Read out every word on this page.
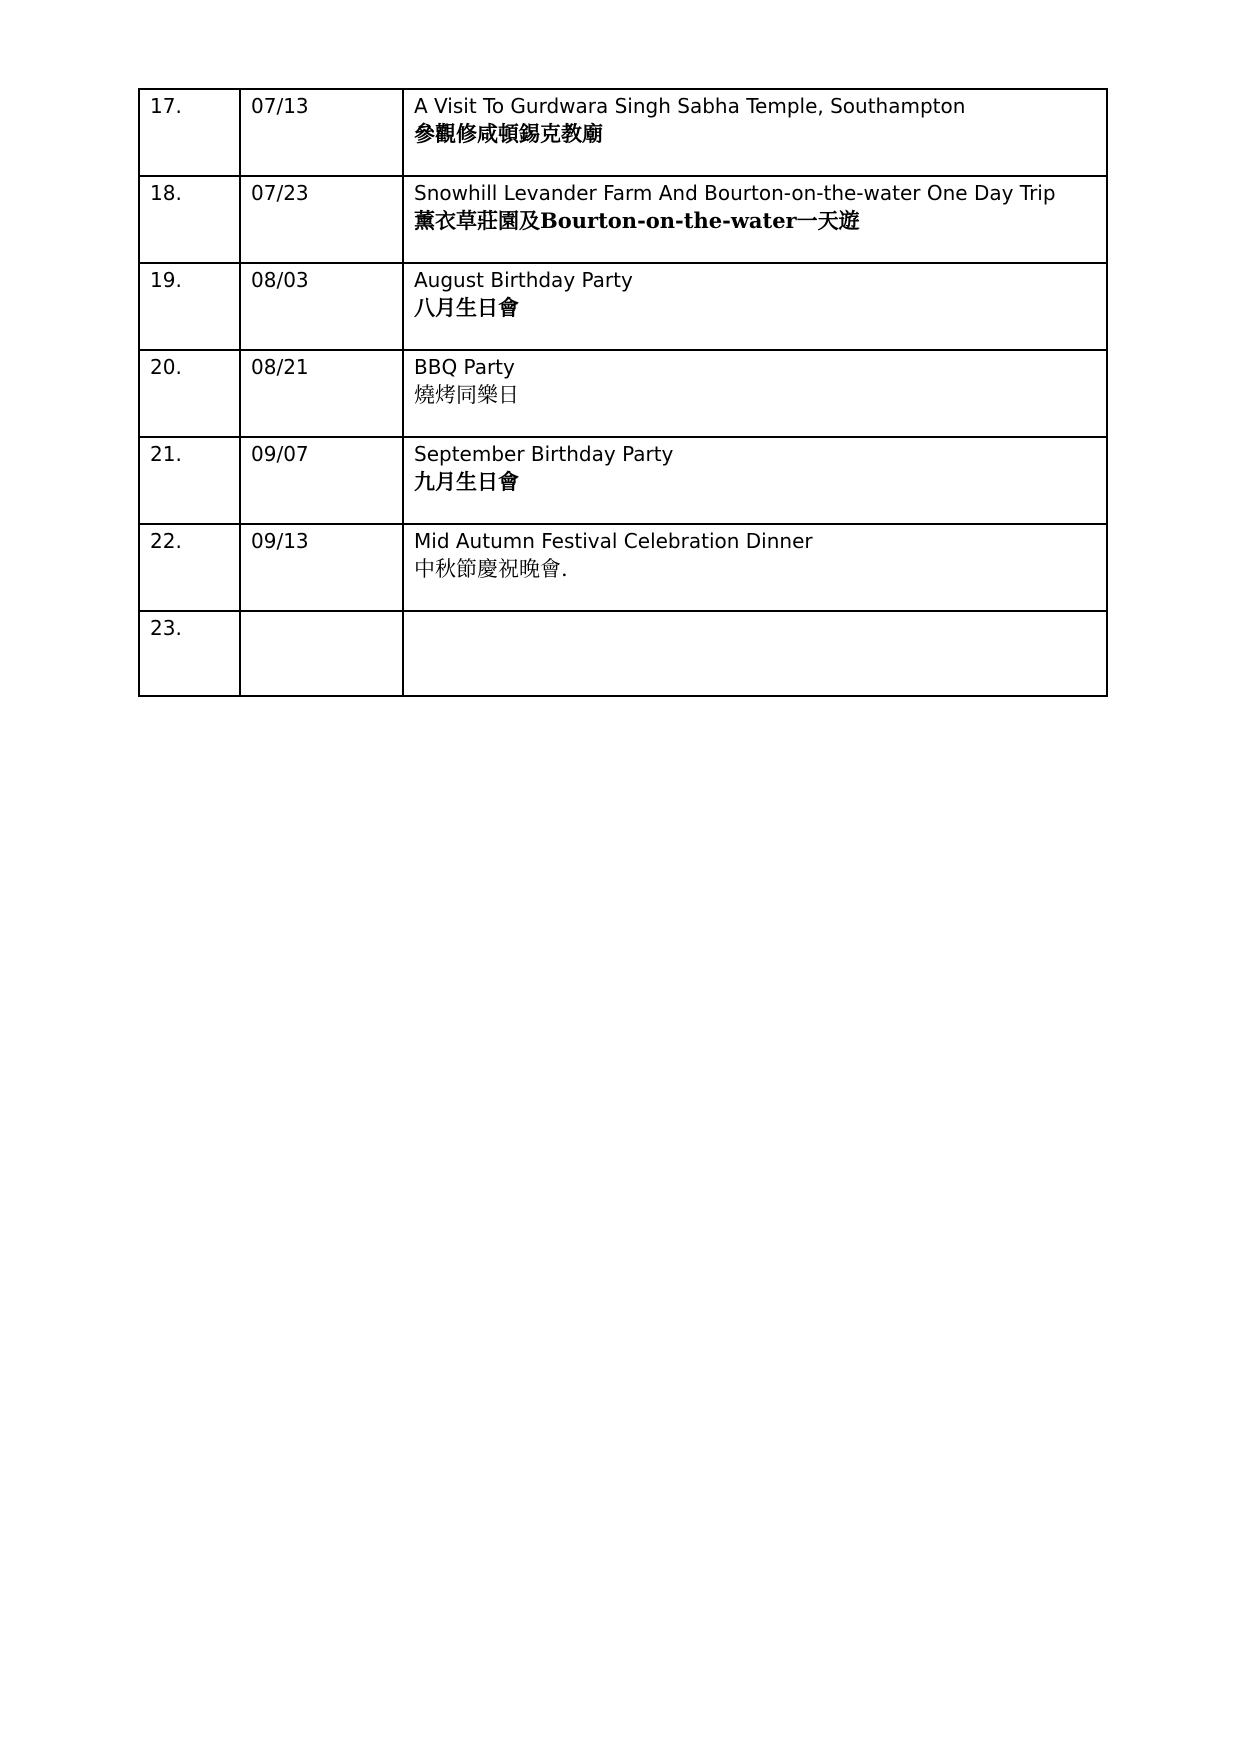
17.	07/13	A Visit To Gurdwara Singh Sabha Temple, Southampton
參觀修咸頓錫克教廟

18.	07/23	Snowhill Levander Farm And Bourton-on-the-water One Day Trip
薰衣草莊園及Bourton-on-the-water一天遊

19.	08/03	August Birthday Party
八月生日會

20.	08/21	BBQ Party
燒烤同樂日

21.	09/07	September Birthday Party
九月生日會

22.	09/13	Mid Autumn Festival Celebration Dinner
中秋節慶祝晚會.

23.		
